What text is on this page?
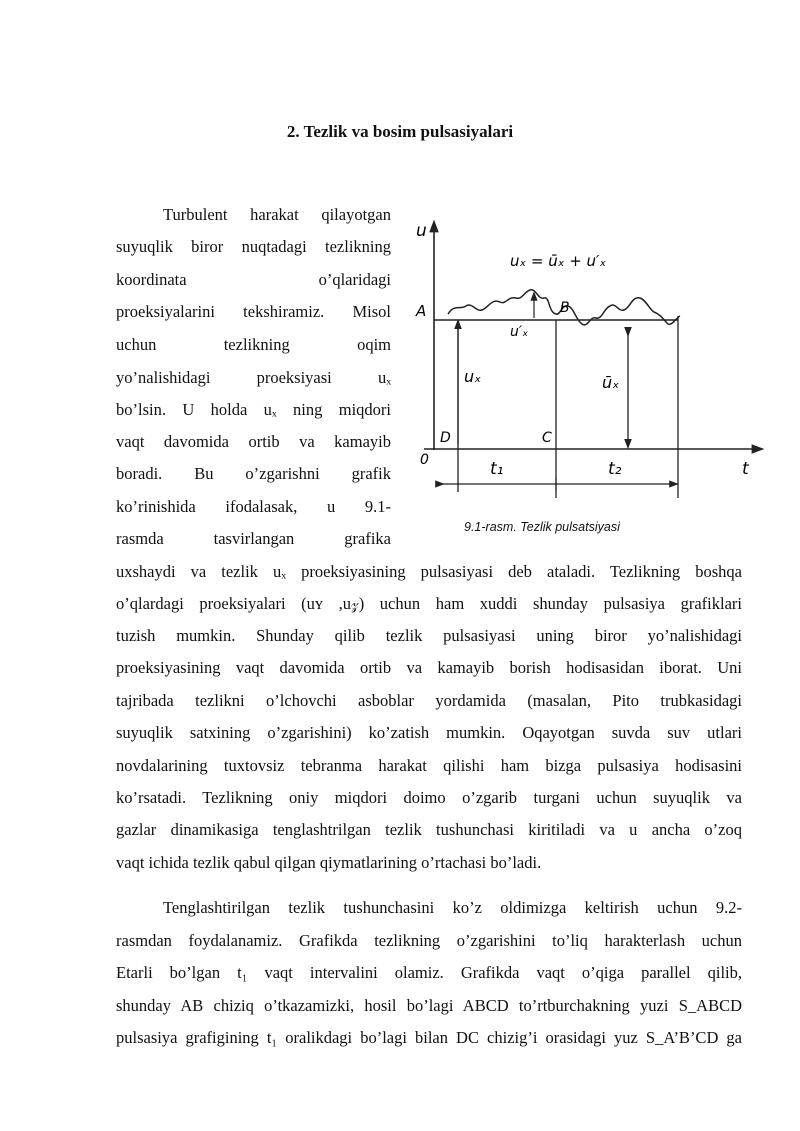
2. Tezlik va bosim pulsasiyalari
Turbulent harakat qilayotgan
suyuqlik biror nuqtadagi tezlikning
koordinata o’qlaridagi
proeksiyalarini tekshiramiz. Misol
uchun tezlikning oqim
yo’nalishidagi proeksiyasi uₓ
bo’lsin. U holda uₓ ning miqdori
vaqt davomida ortib va kamayib
boradi. Bu o’zgarishni grafik
ko’rinishida ifodalasak, u 9.1-
rasmda tasvirlangan grafika
uxshaydi va tezlik uₓ proeksiyasining pulsasiyasi deb ataladi. Tezlikning boshqa
o’qlardagi proeksiyalari (uʏ ,u𝓏) uchun ham xuddi shunday pulsasiya grafiklari
tuzish mumkin. Shunday qilib tezlik pulsasiyasi uning biror yo’nalishidagi
proeksiyasining vaqt davomida ortib va kamayib borish hodisasidan iborat. Uni
tajribada tezlikni o’lchovchi asboblar yordamida (masalan, Pito trubkasidagi
suyuqlik satxining o’zgarishini) ko’zatish mumkin. Oqayotgan suvda suv utlari
novdalarining tuxtovsiz tebranma harakat qilishi ham bizga pulsasiya hodisasini
ko’rsatadi. Tezlikning oniy miqdori doimo o’zgarib turgani uchun suyuqlik va
gazlar dinamikasiga tenglashtrilgan tezlik tushunchasi kiritiladi va u ancha o’zoq
vaqt ichida tezlik qabul qilgan qiymatlarining o’rtachasi bo’ladi.
Tenglashtirilgan tezlik tushunchasini ko’z oldimizga keltirish uchun 9.2-
rasmdan foydalanamiz. Grafikda tezlikning o’zgarishini to’liq harakterlash uchun
Etarli bo’lgan t₁ vaqt intervalini olamiz. Grafikda vaqt o’qiga parallel qilib,
shunday AB chiziq o’tkazamizki, hosil bo’lagi ABCD to’rtburchakning yuzi S_ABCD
pulsasiya grafigining t₁ oralikdagi bo’lagi bilan DC chizig’i orasidagi yuz S_A’B’CD ga
u
uₓ = ūₓ + u′ₓ
A	B
u′ₓ
uₓ	ūₓ
D	C
0	t₁	t₂	t
9.1-rasm. Tezlik pulsatsiyasi
